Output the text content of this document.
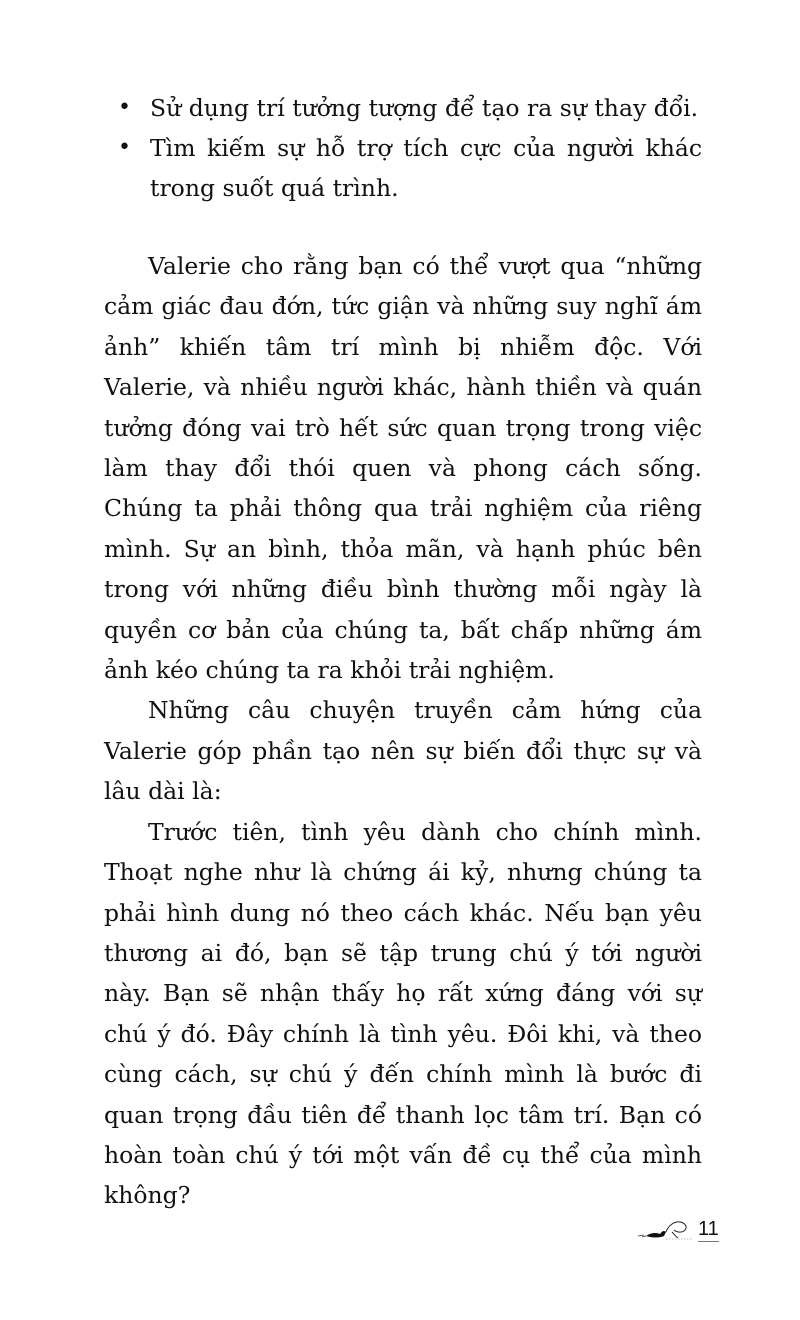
• Sử dụng trí tưởng tượng để tạo ra sự thay đổi.
• Tìm kiếm sự hỗ trợ tích cực của người khác trong suốt quá trình.

Valerie cho rằng bạn có thể vượt qua “những cảm giác đau đớn, tức giận và những suy nghĩ ám ảnh” khiến tâm trí mình bị nhiễm độc. Với Valerie, và nhiều người khác, hành thiền và quán tưởng đóng vai trò hết sức quan trọng trong việc làm thay đổi thói quen và phong cách sống. Chúng ta phải thông qua trải nghiệm của riêng mình. Sự an bình, thỏa mãn, và hạnh phúc bên trong với những điều bình thường mỗi ngày là quyền cơ bản của chúng ta, bất chấp những ám ảnh kéo chúng ta ra khỏi trải nghiệm.

Những câu chuyện truyền cảm hứng của Valerie góp phần tạo nên sự biến đổi thực sự và lâu dài là:

Trước tiên, tình yêu dành cho chính mình. Thoạt nghe như là chứng ái kỷ, nhưng chúng ta phải hình dung nó theo cách khác. Nếu bạn yêu thương ai đó, bạn sẽ tập trung chú ý tới người này. Bạn sẽ nhận thấy họ rất xứng đáng với sự chú ý đó. Đây chính là tình yêu. Đôi khi, và theo cùng cách, sự chú ý đến chính mình là bước đi quan trọng đầu tiên để thanh lọc tâm trí. Bạn có hoàn toàn chú ý tới một vấn đề cụ thể của mình không?

11
